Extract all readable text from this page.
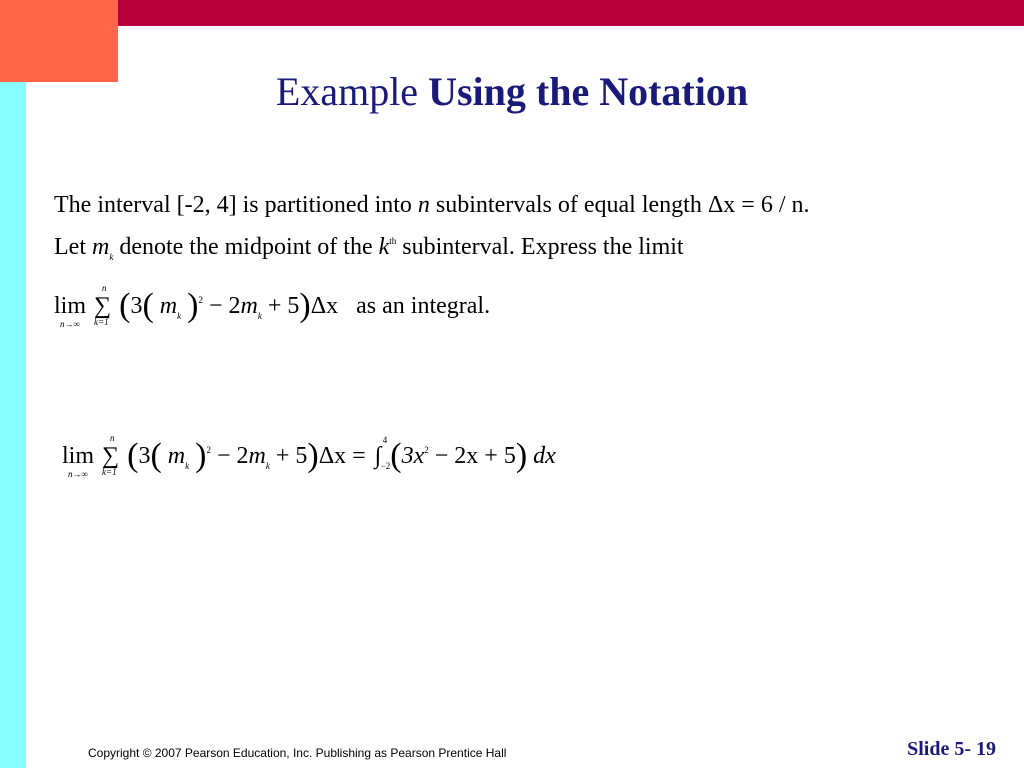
Example Using the Notation
The interval [-2, 4] is partitioned into n subintervals of equal length Δx = 6 / n.
Let $m_k$ denote the midpoint of the $k^{th}$ subinterval. Express the limit
lim
n→∞
∑
n
k=1 (3( $m_k$ )$^2 - 2m_k + 5)\Delta x$ as an integral.
lim
n→∞
∑
n
k=1 (3( $m_k$ )$^2 - 2m_k + 5)\Delta x$ = ∫
4
−2 $(3x^2 - 2x + 5)$ dx
Copyright © 2007 Pearson Education, Inc. Publishing as Pearson Prentice Hall	Slide 5- 19
